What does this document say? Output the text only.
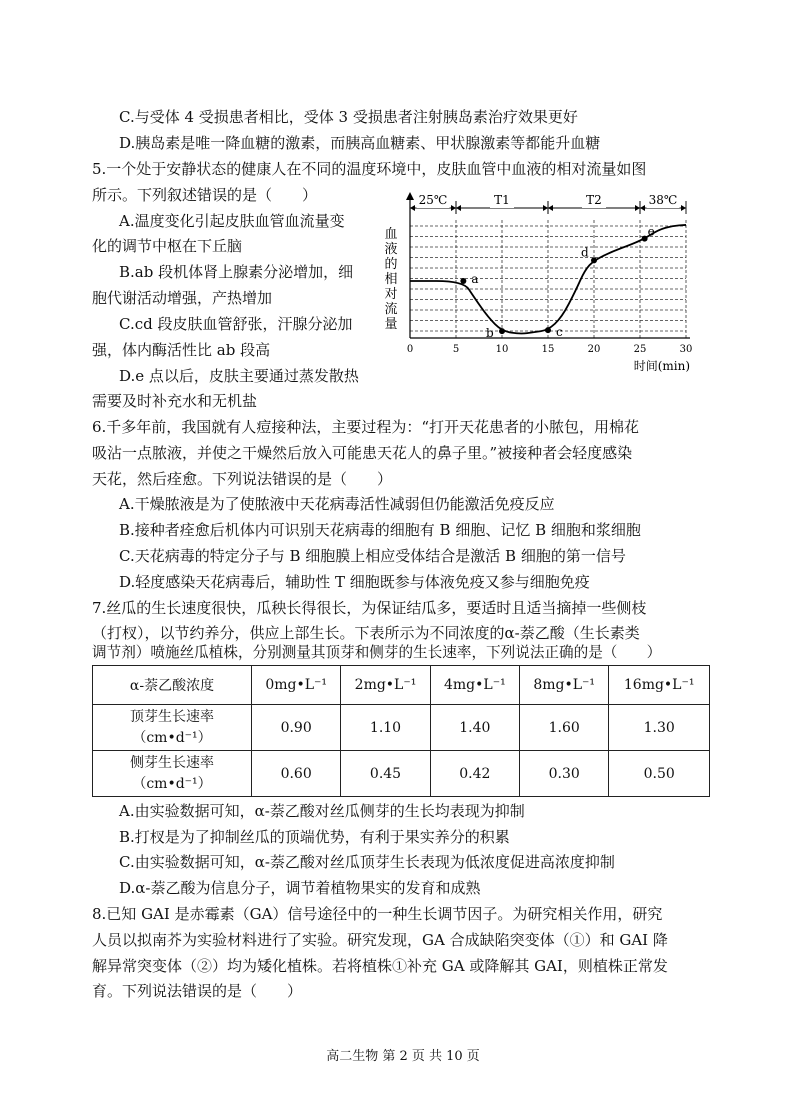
C.与受体 4 受损患者相比，受体 3 受损患者注射胰岛素治疗效果更好
D.胰岛素是唯一降血糖的激素，而胰高血糖素、甲状腺激素等都能升血糖
5.一个处于安静状态的健康人在不同的温度环境中，皮肤血管中血液的相对流量如图
所示。下列叙述错误的是（　　）
A.温度变化引起皮肤血管血流量变
化的调节中枢在下丘脑
B.ab 段机体肾上腺素分泌增加，细
胞代谢活动增强，产热增加
C.cd 段皮肤血管舒张，汗腺分泌加
强，体内酶活性比 ab 段高
D.e 点以后，皮肤主要通过蒸发散热
需要及时补充水和无机盐
25℃	T1	T2	38℃
a
b	c
d
e
0	5	10	15	20	25	30
时间(min)
血
液
的
相
对
流
量
6.千多年前，我国就有人痘接种法，主要过程为：“打开天花患者的小脓包，用棉花
吸沾一点脓液，并使之干燥然后放入可能患天花人的鼻子里。”被接种者会轻度感染
天花，然后痊愈。下列说法错误的是（　　）
A.干燥脓液是为了使脓液中天花病毒活性减弱但仍能激活免疫反应
B.接种者痊愈后机体内可识别天花病毒的细胞有 B 细胞、记忆 B 细胞和浆细胞
C.天花病毒的特定分子与 B 细胞膜上相应受体结合是激活 B 细胞的第一信号
D.轻度感染天花病毒后，辅助性 T 细胞既参与体液免疫又参与细胞免疫
7.丝瓜的生长速度很快，瓜秧长得很长，为保证结瓜多，要适时且适当摘掉一些侧枝
（打杈），以节约养分，供应上部生长。下表所示为不同浓度的α-萘乙酸（生长素类
调节剂）喷施丝瓜植株，分别测量其顶芽和侧芽的生长速率，下列说法正确的是（　　）
α-萘乙酸浓度	0mg•L⁻¹	2mg•L⁻¹	4mg•L⁻¹	8mg•L⁻¹	16mg•L⁻¹

顶芽生长速率
（cm•d⁻¹）	0.90	1.10	1.40	1.60	1.30

侧芽生长速率
（cm•d⁻¹）	0.60	0.45	0.42	0.30	0.50
A.由实验数据可知，α-萘乙酸对丝瓜侧芽的生长均表现为抑制
B.打杈是为了抑制丝瓜的顶端优势，有利于果实养分的积累
C.由实验数据可知，α-萘乙酸对丝瓜顶芽生长表现为低浓度促进高浓度抑制
D.α-萘乙酸为信息分子，调节着植物果实的发育和成熟
8.已知 GAI 是赤霉素（GA）信号途径中的一种生长调节因子。为研究相关作用，研究
人员以拟南芥为实验材料进行了实验。研究发现，GA 合成缺陷突变体（①）和 GAI 降
解异常突变体（②）均为矮化植株。若将植株①补充 GA 或降解其 GAI，则植株正常发
育。下列说法错误的是（　　）
高二生物 第 2 页 共 10 页
